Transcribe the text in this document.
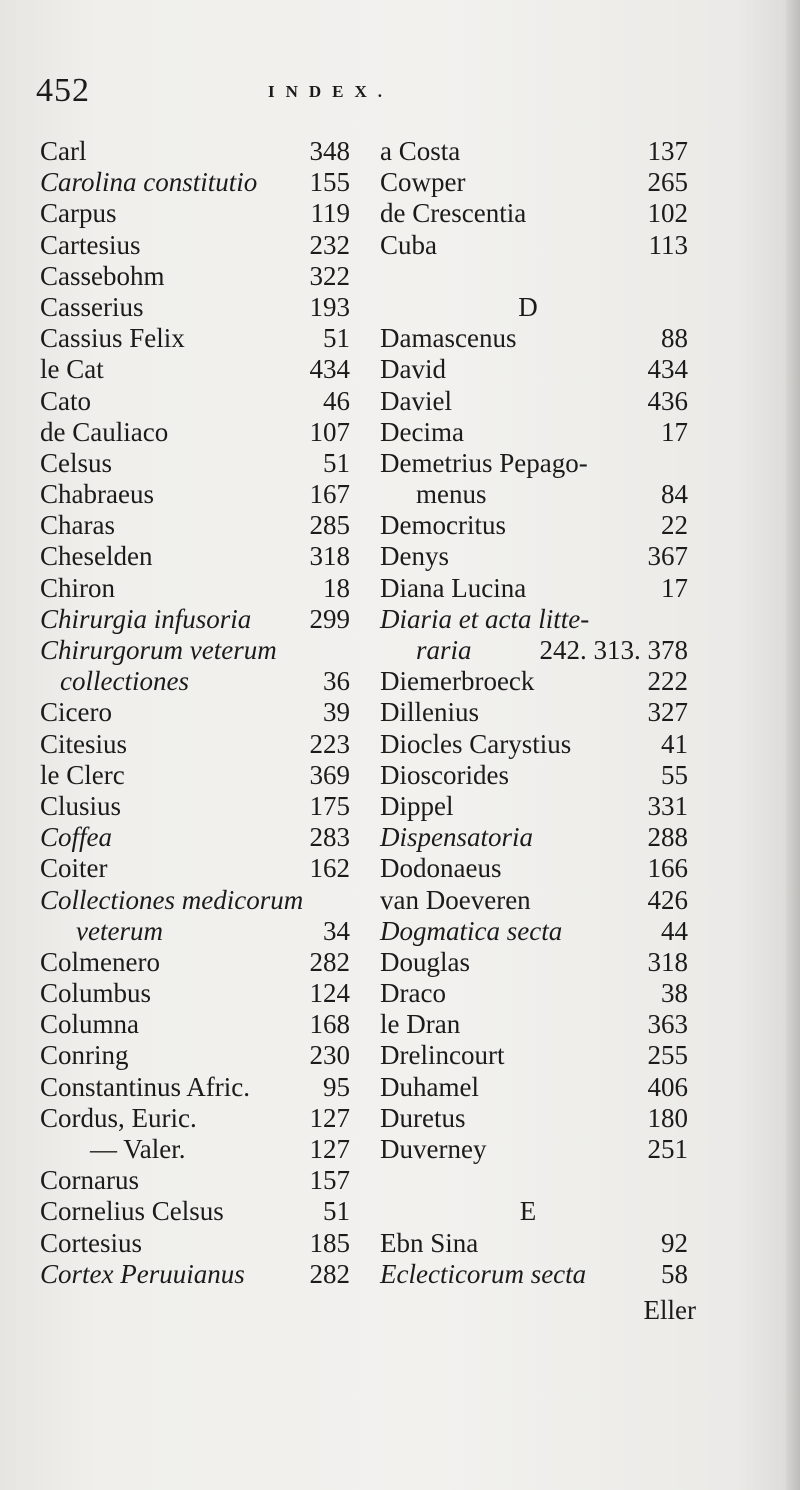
452	INDEX.
Carl	348
Carolina constitutio 155
Carpus	119
Cartesius	232
Cassebohm	322
Casserius	193
Cassius Felix	51
le Cat	434
Cato	46
de Cauliaco	107
Celsus	51
Chabraeus	167
Charas	285
Cheselden	318
Chiron	18
Chirurgia infusoria 299
Chirurgorum veterum
collectiones	36
Cicero	39
Citesius	223
le Clerc	369
Clusius	175
Coffea	283
Coiter	162
Collectiones medicorum
veterum	34
Colmenero	282
Columbus	124
Columna	168
Conring	230
Constantinus Afric.	95
Cordus, Euric.	127
— Valer.	127
Cornarus	157
Cornelius Celsus	51
Cortesius	185
Cortex Peruuianus 282
a Costa	137
Cowper	265
de Crescentia	102
Cuba	113
D
Damascenus	88
David	434
Daviel	436
Decima	17
Demetrius Pepago-
menus	84
Democritus	22
Denys	367
Diana Lucina	17
Diaria et acta litte-
raria	242. 313. 378
Diemerbroeck	222
Dillenius	327
Diocles Carystius	41
Dioscorides	55
Dippel	331
Dispensatoria	288
Dodonaeus	166
van Doeveren	426
Dogmatica secta	44
Douglas	318
Draco	38
le Dran	363
Drelincourt	255
Duhamel	406
Duretus	180
Duverney	251
E
Ebn Sina	92
Eclecticorum secta	58
Eller
